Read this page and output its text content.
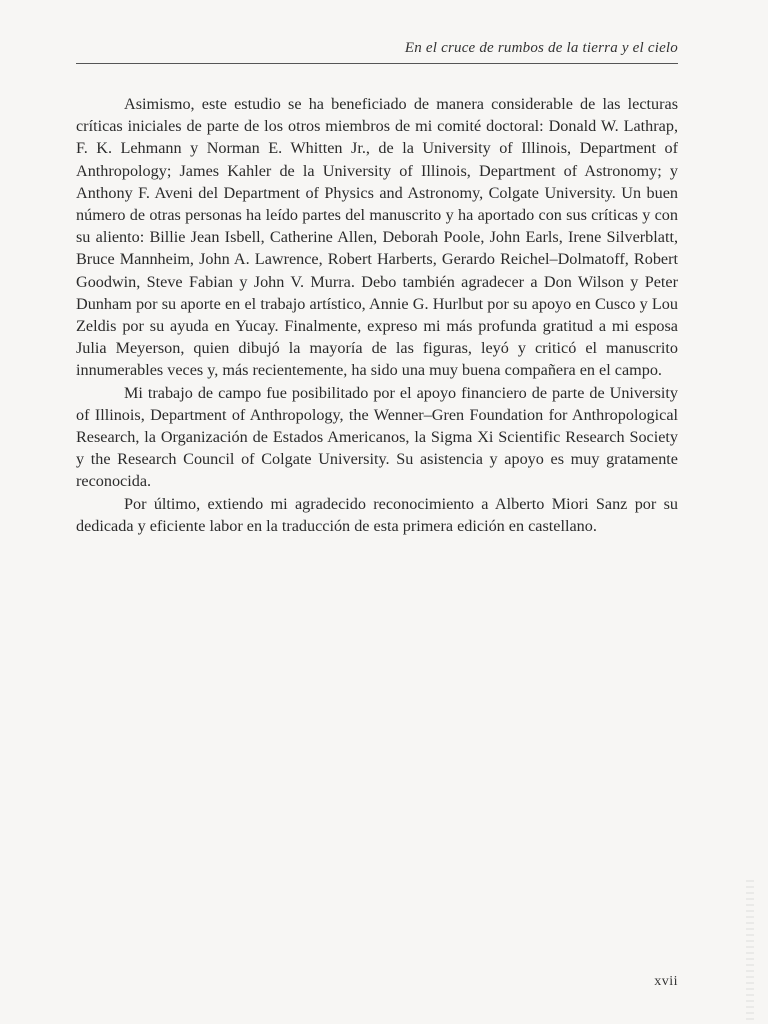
En el cruce de rumbos de la tierra y el cielo

Asimismo, este estudio se ha beneficiado de manera considerable de las lecturas críticas iniciales de parte de los otros miembros de mi comité doctoral: Donald W. Lathrap, F. K. Lehmann y Norman E. Whitten Jr., de la University of Illinois, Department of Anthropology; James Kahler de la University of Illinois, Department of Astronomy; y Anthony F. Aveni del Department of Physics and Astronomy, Colgate University. Un buen número de otras personas ha leído partes del manuscrito y ha aportado con sus críticas y con su aliento: Billie Jean Isbell, Catherine Allen, Deborah Poole, John Earls, Irene Silverblatt, Bruce Mannheim, John A. Lawrence, Robert Harberts, Gerardo Reichel–Dolmatoff, Robert Goodwin, Steve Fabian y John V. Murra. Debo también agradecer a Don Wilson y Peter Dunham por su aporte en el trabajo artístico, Annie G. Hurlbut por su apoyo en Cusco y Lou Zeldis por su ayuda en Yucay. Finalmente, expreso mi más profunda gratitud a mi esposa Julia Meyerson, quien dibujó la mayoría de las figuras, leyó y criticó el manuscrito innumerables veces y, más recientemente, ha sido una muy buena compañera en el campo.

Mi trabajo de campo fue posibilitado por el apoyo financiero de parte de University of Illinois, Department of Anthropology, the Wenner–Gren Foundation for Anthropological Research, la Organización de Estados Americanos, la Sigma Xi Scientific Research Society y the Research Council of Colgate University. Su asistencia y apoyo es muy gratamente reconocida.

Por último, extiendo mi agradecido reconocimiento a Alberto Miori Sanz por su dedicada y eficiente labor en la traducción de esta primera edición en castellano.

xvii
